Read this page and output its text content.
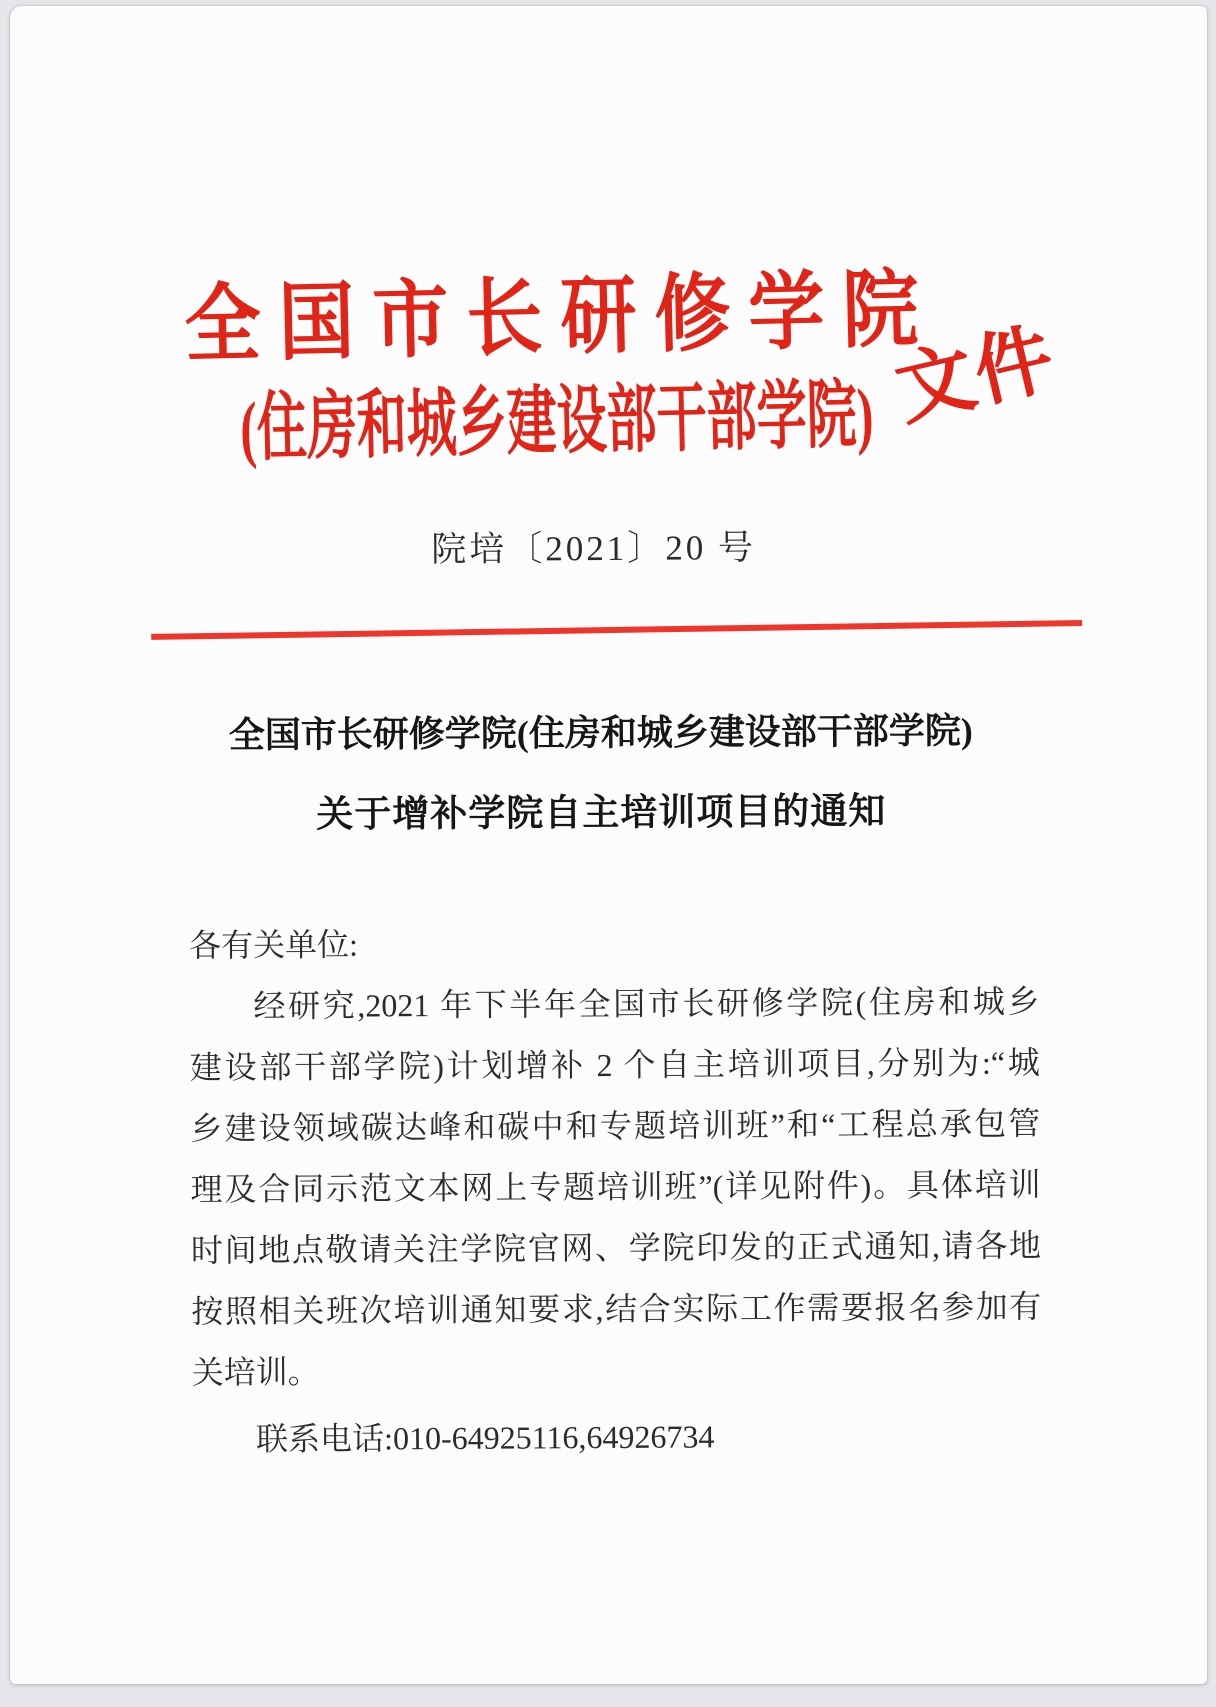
全国市长研修学院
(住房和城乡建设部干部学院) 文件
院培〔2021〕20 号
全国市长研修学院(住房和城乡建设部干部学院)
关于增补学院自主培训项目的通知
各有关单位:
经研究,2021 年下半年全国市长研修学院(住房和城乡
建设部干部学院)计划增补 2 个自主培训项目,分别为:“城
乡建设领域碳达峰和碳中和专题培训班”和“工程总承包管
理及合同示范文本网上专题培训班”(详见附件)。具体培训
时间地点敬请关注学院官网、学院印发的正式通知,请各地
按照相关班次培训通知要求,结合实际工作需要报名参加有
关培训。
联系电话:010-64925116,64926734
